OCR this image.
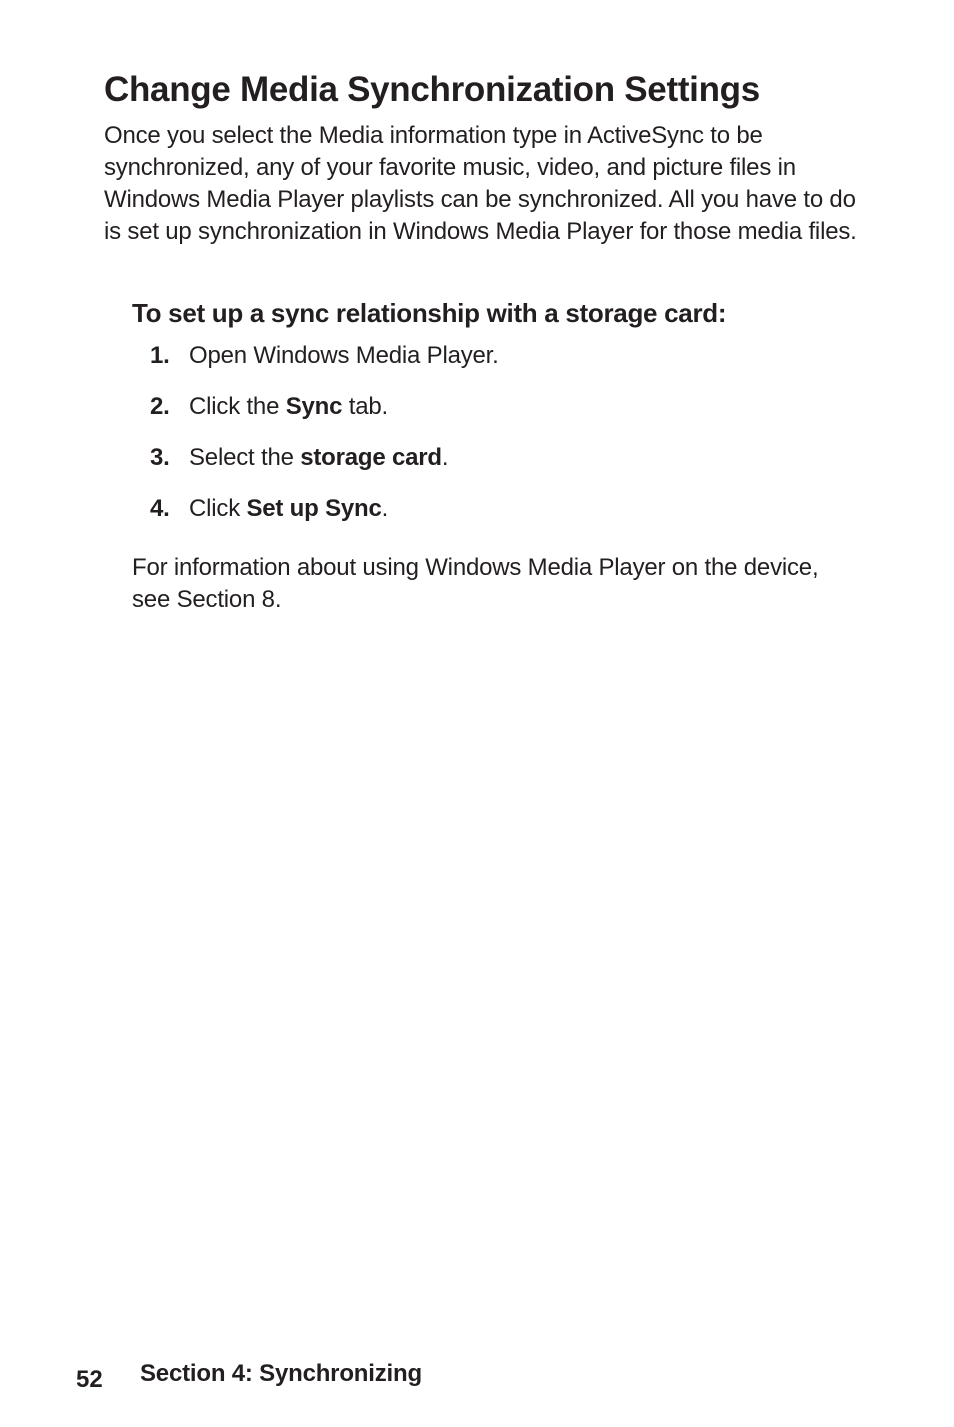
Change Media Synchronization Settings

Once you select the Media information type in ActiveSync to be synchronized, any of your favorite music, video, and picture files in Windows Media Player playlists can be synchronized. All you have to do is set up synchronization in Windows Media Player for those media files.

To set up a sync relationship with a storage card:
1. Open Windows Media Player.
2. Click the Sync tab.
3. Select the storage card.
4. Click Set up Sync.

For information about using Windows Media Player on the device, see Section 8.

52 Section 4: Synchronizing
